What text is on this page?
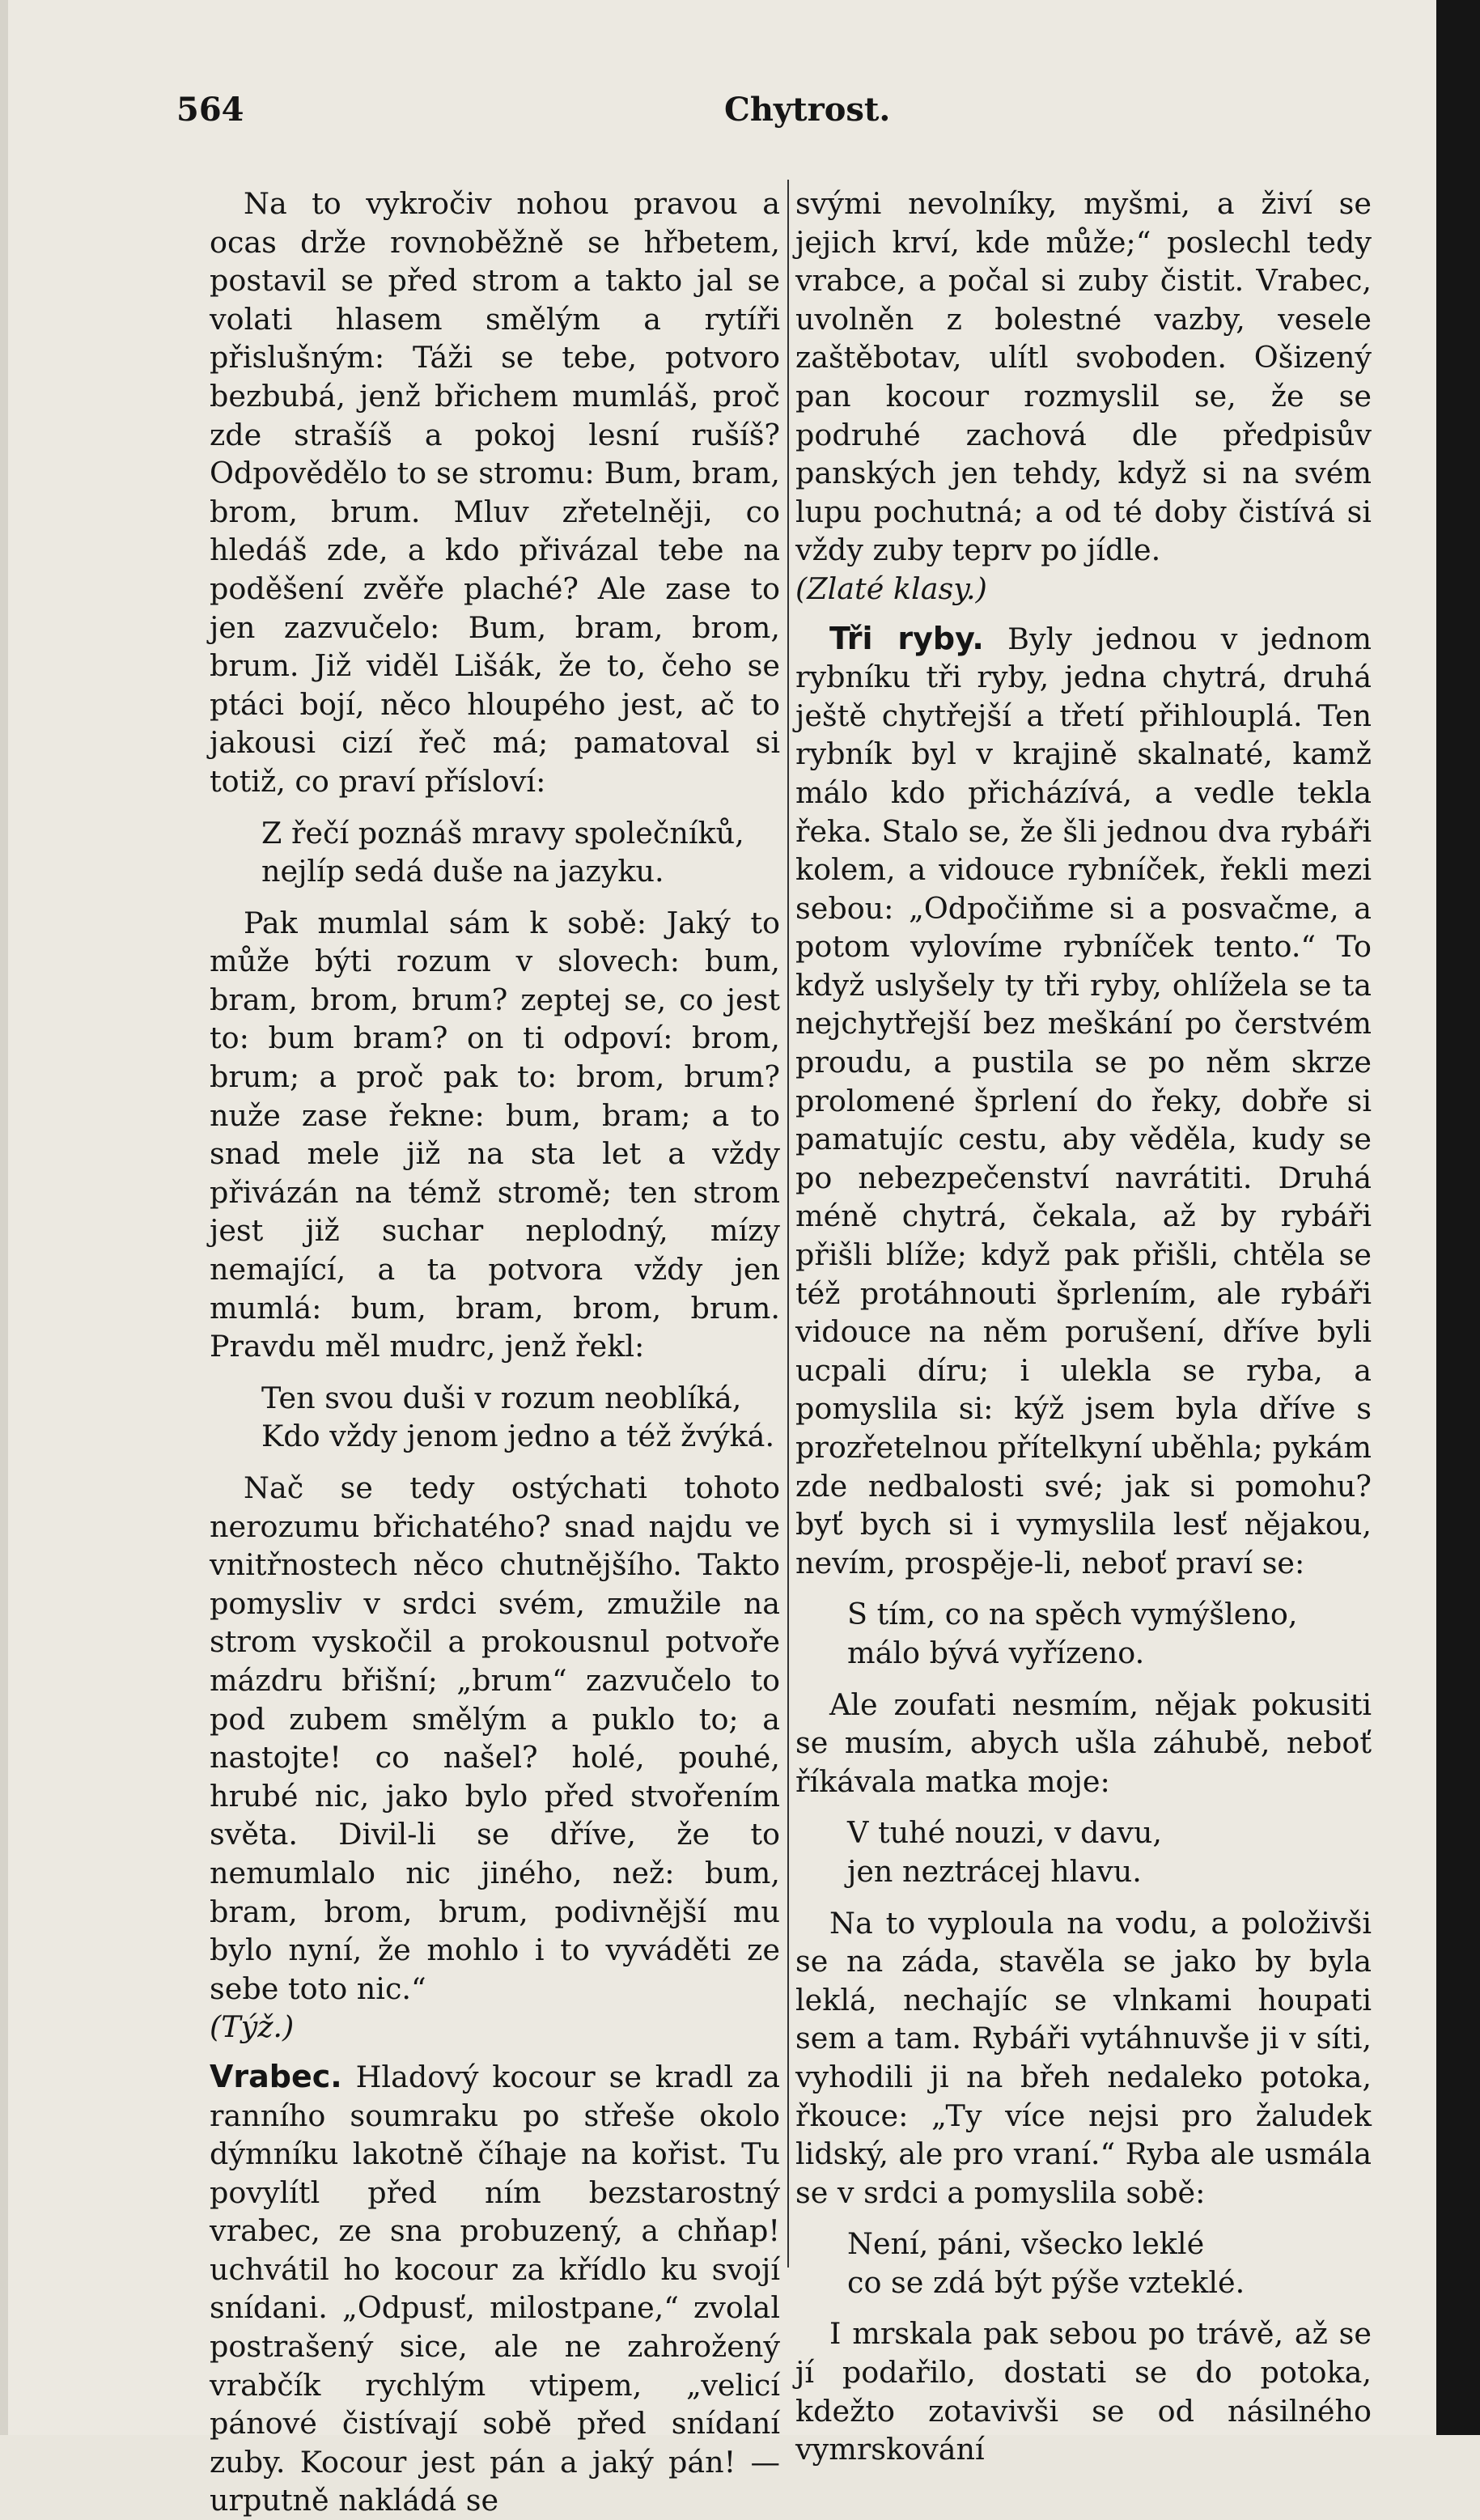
564	Chytrost.

Na to vykročiv nohou pravou a ocas drže rovnoběžně se hřbetem, postavil se před strom a takto jal se volati hlasem smělým a rytíři přislušným: Táži se tebe, potvoro bezbubá, jenž břichem mumláš, proč zde strašíš a pokoj lesní rušíš? Odpovědělo to se stromu: Bum, bram, brom, brum. Mluv zřetelněji, co hledáš zde, a kdo přivázal tebe na poděšení zvěře plaché? Ale zase to jen zazvučelo: Bum, bram, brom, brum. Již viděl Lišák, že to, čeho se ptáci bojí, něco hloupého jest, ač to jakousi cizí řeč má; pamatoval si totiž, co praví přísloví:

Z řečí poznáš mravy společníků,
nejlíp sedá duše na jazyku.

Pak mumlal sám k sobě: Jaký to může býti rozum v slovech: bum, bram, brom, brum? zeptej se, co jest to: bum bram? on ti odpoví: brom, brum; a proč pak to: brom, brum? nuže zase řekne: bum, bram; a to snad mele již na sta let a vždy přivázán na témž stromě; ten strom jest již suchar neplodný, mízy nemající, a ta potvora vždy jen mumlá: bum, bram, brom, brum. Pravdu měl mudrc, jenž řekl:

Ten svou duši v rozum neoblíká,
Kdo vždy jenom jedno a též žvýká.

Nač se tedy ostýchati tohoto nerozumu břichatého? snad najdu ve vnitřnostech něco chutnějšího. Takto pomysliv v srdci svém, zmužile na strom vyskočil a prokousnul potvoře mázdru břišní; „brum“ zazvučelo to pod zubem smělým a puklo to; a nastojte! co našel? holé, pouhé, hrubé nic, jako bylo před stvořením světa. Divil-li se dříve, že to nemumlalo nic jiného, než: bum, bram, brom, brum, podivnější mu bylo nyní, že mohlo i to vyváděti ze sebe toto nic.“

(Týž.)

Vrabec. Hladový kocour se kradl za ranního soumraku po střeše okolo dýmníku lakotně číhaje na kořist. Tu povylítl před ním bezstarostný vrabec, ze sna probuzený, a chňap! uchvátil ho kocour za křídlo ku svojí snídani. „Odpusť, milostpane,“ zvolal postrašený sice, ale ne zahrožený vrabčík rychlým vtipem, „velicí pánové čistívají sobě před snídaní zuby. Kocour jest pán a jaký pán! — urputně nakládá se

svými nevolníky, myšmi, a živí se jejich krví, kde může;“ poslechl tedy vrabce, a počal si zuby čistit. Vrabec, uvolněn z bolestné vazby, vesele zaštěbotav, ulítl svoboden. Ošizený pan kocour rozmyslil se, že se podruhé zachová dle předpisův panských jen tehdy, když si na svém lupu pochutná; a od té doby čistívá si vždy zuby teprv po jídle.

(Zlaté klasy.)

Tři ryby. Byly jednou v jednom rybníku tři ryby, jedna chytrá, druhá ještě chytřejší a třetí přihlouplá. Ten rybník byl v krajině skalnaté, kamž málo kdo přicházívá, a vedle tekla řeka. Stalo se, že šli jednou dva rybáři kolem, a vidouce rybníček, řekli mezi sebou: „Odpočiňme si a posvačme, a potom vylovíme rybníček tento.“ To když uslyšely ty tři ryby, ohlížela se ta nejchytřejší bez meškání po čerstvém proudu, a pustila se po něm skrze prolomené šprlení do řeky, dobře si pamatujíc cestu, aby věděla, kudy se po nebezpečenství navrátiti. Druhá méně chytrá, čekala, až by rybáři přišli blíže; když pak přišli, chtěla se též protáhnouti šprlením, ale rybáři vidouce na něm porušení, dříve byli ucpali díru; i ulekla se ryba, a pomyslila si: kýž jsem byla dříve s prozřetelnou přítelkyní uběhla; pykám zde nedbalosti své; jak si pomohu? byť bych si i vymyslila lesť nějakou, nevím, prospěje-li, neboť praví se:

S tím, co na spěch vymýšleno,
málo bývá vyřízeno.

Ale zoufati nesmím, nějak pokusiti se musím, abych ušla záhubě, neboť říkávala matka moje:

V tuhé nouzi, v davu,
jen neztrácej hlavu.

Na to vyploula na vodu, a položivši se na záda, stavěla se jako by byla leklá, nechajíc se vlnkami houpati sem a tam. Rybáři vytáhnuvše ji v síti, vyhodili ji na břeh nedaleko potoka, řkouce: „Ty více nejsi pro žaludek lidský, ale pro vraní.“ Ryba ale usmála se v srdci a pomyslila sobě:

Není, páni, všecko leklé
co se zdá být pýše vzteklé.

I mrskala pak sebou po trávě, až se jí podařilo, dostati se do potoka, kdežto zotavivši se od násilného vymrskování
